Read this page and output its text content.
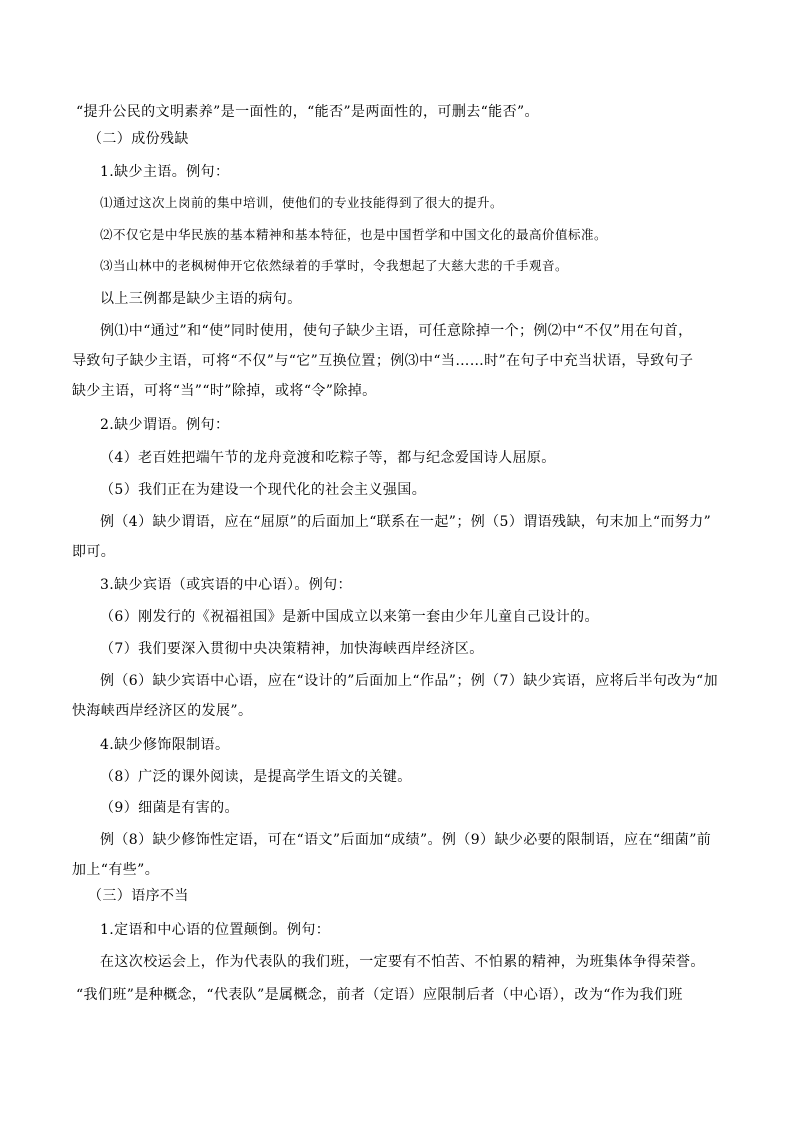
“提升公民的文明素养”是一面性的，“能否”是两面性的，可删去“能否”。
（二）成份残缺
1.缺少主语。例句：
⑴通过这次上岗前的集中培训，使他们的专业技能得到了很大的提升。
⑵不仅它是中华民族的基本精神和基本特征，也是中国哲学和中国文化的最高价值标准。
⑶当山林中的老枫树伸开它依然绿着的手掌时，令我想起了大慈大悲的千手观音。
以上三例都是缺少主语的病句。
例⑴中“通过”和“使”同时使用，使句子缺少主语，可任意除掉一个；例⑵中“不仅”用在句首，
导致句子缺少主语，可将“不仅”与“它”互换位置；例⑶中“当……时”在句子中充当状语，导致句子
缺少主语，可将“当”“时”除掉，或将“令”除掉。
2.缺少谓语。例句：
（4）老百姓把端午节的龙舟竞渡和吃粽子等，都与纪念爱国诗人屈原。
（5）我们正在为建设一个现代化的社会主义强国。
例（4）缺少谓语，应在“屈原”的后面加上“联系在一起”；例（5）谓语残缺，句末加上“而努力”
即可。
3.缺少宾语（或宾语的中心语）。例句：
（6）刚发行的《祝福祖国》是新中国成立以来第一套由少年儿童自己设计的。
（7）我们要深入贯彻中央决策精神，加快海峡西岸经济区。
例（6）缺少宾语中心语，应在“设计的”后面加上“作品”；例（7）缺少宾语，应将后半句改为“加
快海峡西岸经济区的发展”。
4.缺少修饰限制语。
（8）广泛的课外阅读，是提高学生语文的关键。
（9）细菌是有害的。
例（8）缺少修饰性定语，可在“语文”后面加“成绩”。例（9）缺少必要的限制语，应在“细菌”前
加上“有些”。
（三）语序不当
1.定语和中心语的位置颠倒。例句：
在这次校运会上，作为代表队的我们班，一定要有不怕苦、不怕累的精神，为班集体争得荣誉。
“我们班”是种概念，“代表队”是属概念，前者（定语）应限制后者（中心语），改为“作为我们班
